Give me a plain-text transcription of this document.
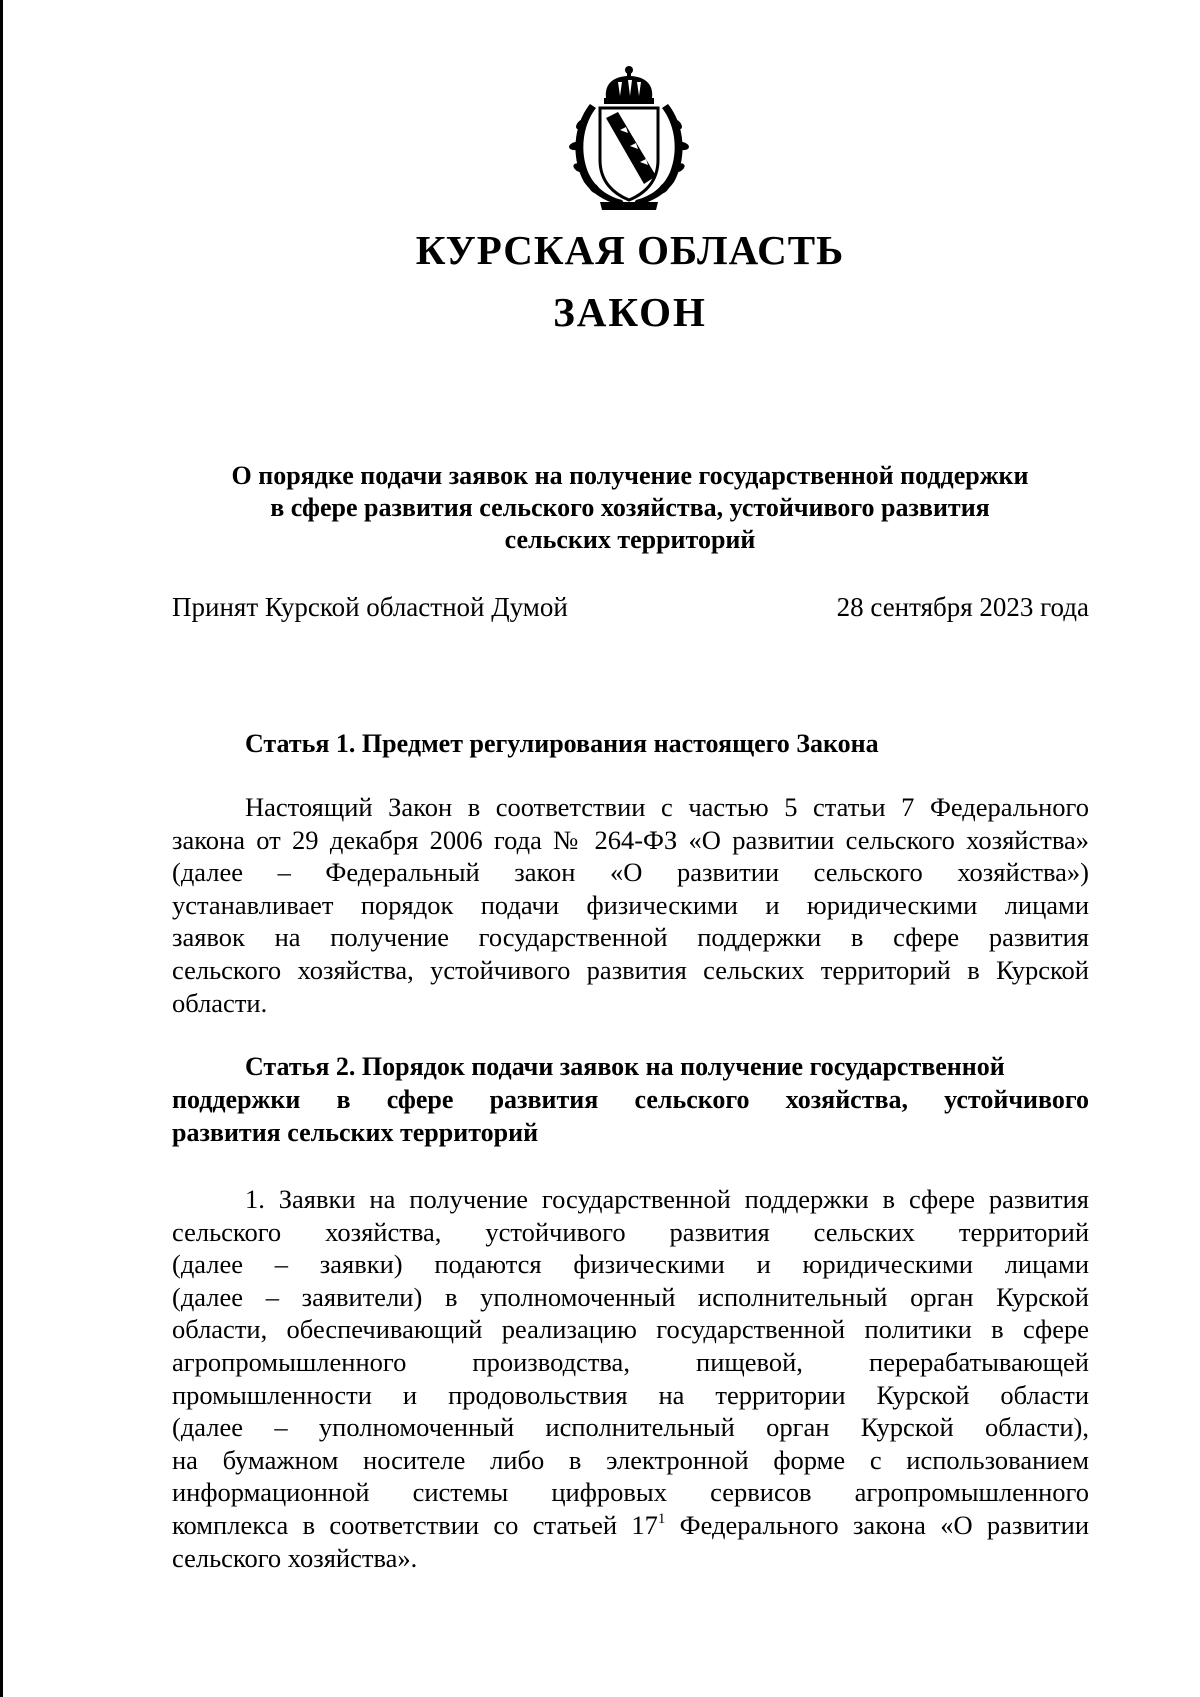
КУРСКАЯ ОБЛАСТЬ
ЗАКОН
О порядке подачи заявок на получение государственной поддержки
в сфере развития сельского хозяйства, устойчивого развития
сельских территорий
Принят Курской областной Думой	28 сентября 2023 года
Статья 1. Предмет регулирования настоящего Закона
Настоящий Закон в соответствии с частью 5 статьи 7 Федерального
закона от 29 декабря 2006 года № 264-ФЗ «О развитии сельского хозяйства»
(далее – Федеральный закон «О развитии сельского хозяйства»)
устанавливает порядок подачи физическими и юридическими лицами
заявок на получение государственной поддержки в сфере развития
сельского хозяйства, устойчивого развития сельских территорий в Курской
области.
Статья 2. Порядок подачи заявок на получение государственной
поддержки в сфере развития сельского хозяйства, устойчивого
развития сельских территорий
1. Заявки на получение государственной поддержки в сфере развития
сельского хозяйства, устойчивого развития сельских территорий
(далее – заявки) подаются физическими и юридическими лицами
(далее – заявители) в уполномоченный исполнительный орган Курской
области, обеспечивающий реализацию государственной политики в сфере
агропромышленного производства, пищевой, перерабатывающей
промышленности и продовольствия на территории Курской области
(далее – уполномоченный исполнительный орган Курской области),
на бумажном носителе либо в электронной форме с использованием
информационной системы цифровых сервисов агропромышленного
комплекса в соответствии со статьей $17^1$ Федерального закона «О развитии
сельского хозяйства».
